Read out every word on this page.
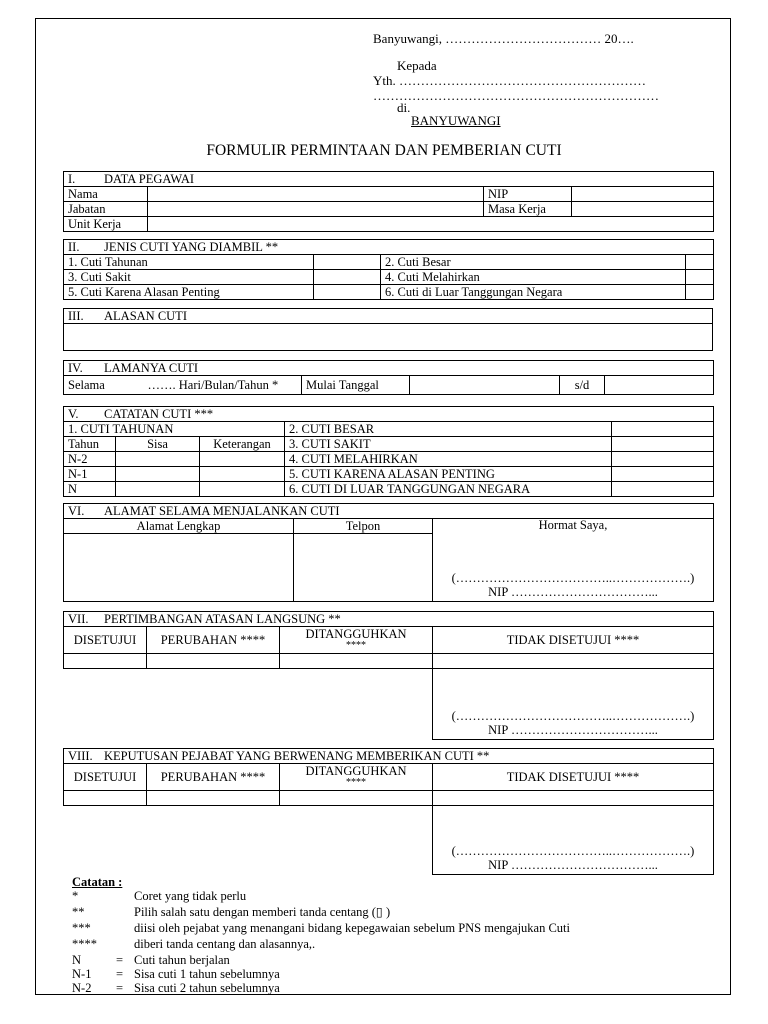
Banyuwangi, ……………………………… 20….
Kepada
Yth. …………………………………………………
…………………………………………………………
di.
BANYUWANGI
FORMULIR PERMINTAAN DAN PEMBERIAN CUTI
I. DATA PEGAWAI			
Nama		NIP	
Jabatan		Masa Kerja	
Unit Kerja			
II. JENIS CUTI YANG DIAMBIL **			
1. Cuti Tahunan		2. Cuti Besar	
3. Cuti Sakit		4. Cuti Melahirkan	
5. Cuti Karena Alasan Penting		6. Cuti di Luar Tanggungan Negara	
III. ALASAN CUTI

IV. LAMANYA CUTI
Selama	……. Hari/Bulan/Tahun *	Mulai Tanggal		s/d	
V. CATATAN CUTI ***				
1. CUTI TAHUNAN			2. CUTI BESAR	
Tahun	Sisa	Keterangan	3. CUTI SAKIT	
N-2			4. CUTI MELAHIRKAN	
N-1			5. CUTI KARENA ALASAN PENTING	
N			6. CUTI DI LUAR TANGGUNGAN NEGARA	
VI. ALAMAT SELAMA MENJALANKAN CUTI		
Alamat Lengkap	Telpon	Hormat Saya,
(………………………………..……………….)
NIP ……………………………...

VII. PERTIMBANGAN ATASAN LANGSUNG **			
DISETUJUI	PERUBAHAN ****	DITANGGUHKAN
****	TIDAK DISETUJUI ****

			(………………………………..……………….)
NIP ……………………………...
VIII. KEPUTUSAN PEJABAT YANG BERWENANG MEMBERIKAN CUTI **			
DISETUJUI	PERUBAHAN ****	DITANGGUHKAN
****	TIDAK DISETUJUI ****

			(………………………………..……………….)
NIP ……………………………...
Catatan :
*		Coret yang tidak perlu
**		Pilih salah satu dengan memberi tanda centang (▯ )
***		diisi oleh pejabat yang menangani bidang kepegawaian sebelum PNS mengajukan Cuti
****		diberi tanda centang dan alasannya,.
N	=	Cuti tahun berjalan
N-1	=	Sisa cuti 1 tahun sebelumnya
N-2	=	Sisa cuti 2 tahun sebelumnya
